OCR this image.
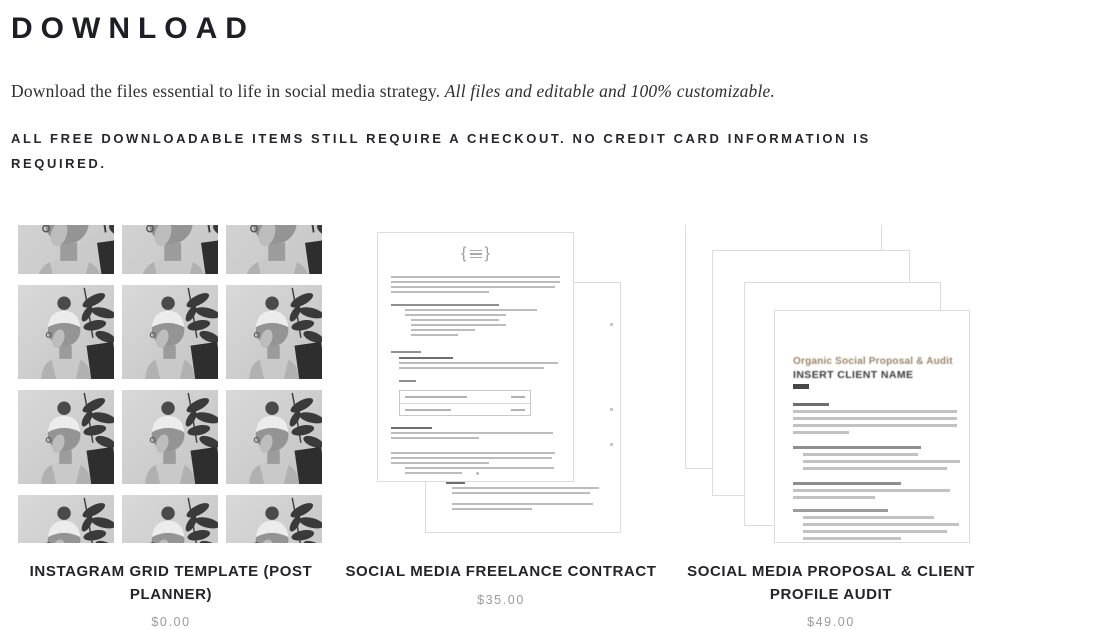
DOWNLOAD

Download the files essential to life in social media strategy. All files and editable and 100% customizable.

ALL FREE DOWNLOADABLE ITEMS STILL REQUIRE A CHECKOUT. NO CREDIT CARD INFORMATION IS REQUIRED.

INSTAGRAM GRID TEMPLATE (POST PLANNER)
$0.00
{
}
SOCIAL MEDIA FREELANCE CONTRACT
$35.00
Organic Social Proposal & Audit
INSERT CLIENT NAME
SOCIAL MEDIA PROPOSAL & CLIENT PROFILE AUDIT
$49.00
